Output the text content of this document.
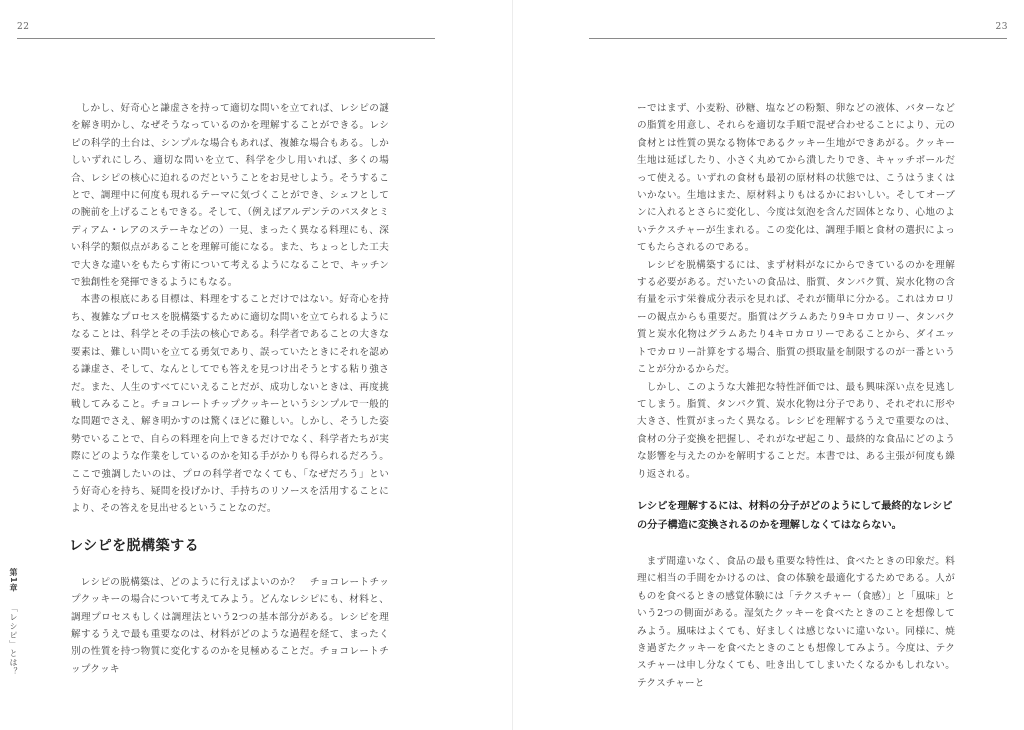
22

しかし、好奇心と謙虚さを持って適切な問いを立てれば、レシピの謎を解き明かし、なぜそうなっているのかを理解することができる。レシピの科学的土台は、シンプルな場合もあれば、複雑な場合もある。しかしいずれにしろ、適切な問いを立て、科学を少し用いれば、多くの場合、レシピの核心に迫れるのだということをお見せしよう。そうすることで、調理中に何度も現れるテーマに気づくことができ、シェフとしての腕前を上げることもできる。そして、（例えばアルデンテのパスタとミディアム・レアのステーキなどの）一見、まったく異なる料理にも、深い科学的類似点があることを理解可能になる。また、ちょっとした工夫で大きな違いをもたらす術について考えるようになることで、キッチンで独創性を発揮できるようにもなる。

本書の根底にある目標は、料理をすることだけではない。好奇心を持ち、複雑なプロセスを脱構築するために適切な問いを立てられるようになることは、科学とその手法の核心である。科学者であることの大きな要素は、難しい問いを立てる勇気であり、誤っていたときにそれを認める謙虚さ、そして、なんとしてでも答えを見つけ出そうとする粘り強さだ。また、人生のすべてにいえることだが、成功しないときは、再度挑戦してみること。チョコレートチップクッキーというシンプルで一般的な問題でさえ、解き明かすのは驚くほどに難しい。しかし、そうした姿勢でいることで、自らの料理を向上できるだけでなく、科学者たちが実際にどのような作業をしているのかを知る手がかりも得られるだろう。ここで強調したいのは、プロの科学者でなくても、「なぜだろう」という好奇心を持ち、疑問を投げかけ、手持ちのリソースを活用することにより、その答えを見出せるということなのだ。

レシピを脱構築する

レシピの脱構築は、どのように行えばよいのか？　チョコレートチップクッキーの場合について考えてみよう。どんなレシピにも、材料と、調理プロセスもしくは調理法という2つの基本部分がある。レシピを理解するうえで最も重要なのは、材料がどのような過程を経て、まったく別の性質を持つ物質に変化するのかを見極めることだ。チョコレートチップクッキ

第1章 「レシピ」とは？
23

ーではまず、小麦粉、砂糖、塩などの粉類、卵などの液体、バターなどの脂質を用意し、それらを適切な手順で混ぜ合わせることにより、元の食材とは性質の異なる物体であるクッキー生地ができあがる。クッキー生地は延ばしたり、小さく丸めてから潰したりでき、キャッチボールだって使える。いずれの食材も最初の原材料の状態では、こうはうまくはいかない。生地はまた、原材料よりもはるかにおいしい。そしてオーブンに入れるとさらに変化し、今度は気泡を含んだ固体となり、心地のよいテクスチャーが生まれる。この変化は、調理手順と食材の選択によってもたらされるのである。

レシピを脱構築するには、まず材料がなにからできているのかを理解する必要がある。だいたいの食品は、脂質、タンパク質、炭水化物の含有量を示す栄養成分表示を見れば、それが簡単に分かる。これはカロリーの観点からも重要だ。脂質はグラムあたり9キロカロリー、タンパク質と炭水化物はグラムあたり4キロカロリーであることから、ダイエットでカロリー計算をする場合、脂質の摂取量を制限するのが一番ということが分かるからだ。

しかし、このような大雑把な特性評価では、最も興味深い点を見逃してしまう。脂質、タンパク質、炭水化物は分子であり、それぞれに形や大きさ、性質がまったく異なる。レシピを理解するうえで重要なのは、食材の分子変換を把握し、それがなぜ起こり、最終的な食品にどのような影響を与えたのかを解明することだ。本書では、ある主張が何度も繰り返される。

レシピを理解するには、材料の分子がどのようにして最終的なレシピの分子構造に変換されるのかを理解しなくてはならない。

まず間違いなく、食品の最も重要な特性は、食べたときの印象だ。料理に相当の手間をかけるのは、食の体験を最適化するためである。人がものを食べるときの感覚体験には「テクスチャー（食感）」と「風味」という2つの側面がある。湿気たクッキーを食べたときのことを想像してみよう。風味はよくても、好ましくは感じないに違いない。同様に、焼き過ぎたクッキーを食べたときのことも想像してみよう。今度は、テクスチャーは申し分なくても、吐き出してしまいたくなるかもしれない。テクスチャーと
